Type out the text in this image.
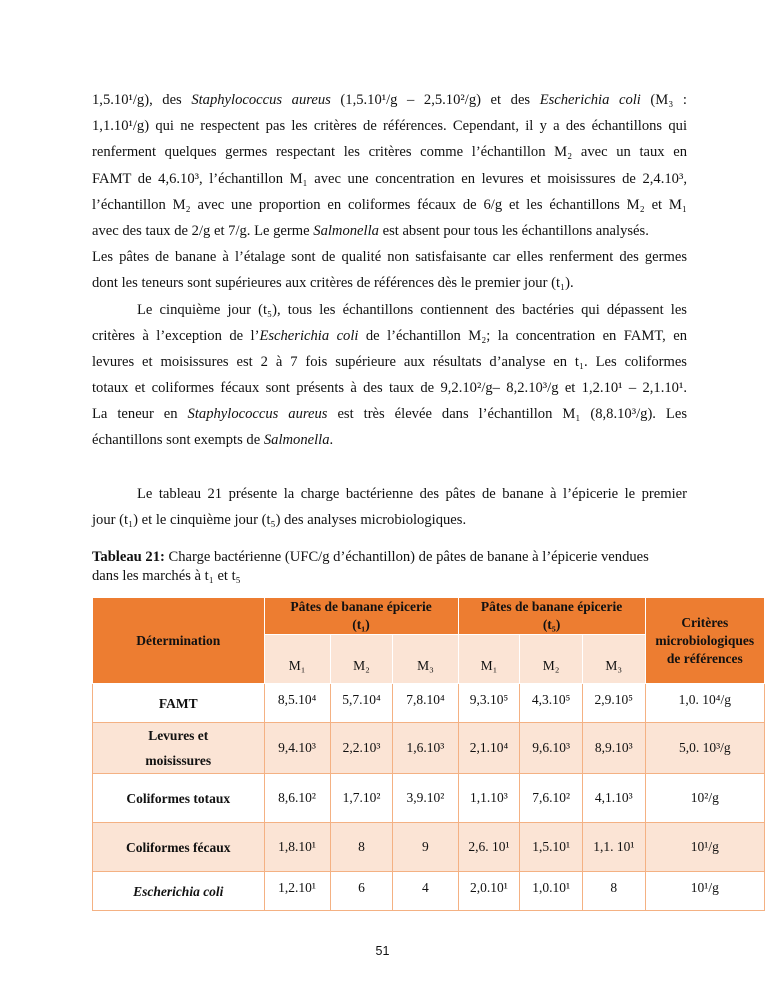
1,5.10¹/g), des Staphylococcus aureus (1,5.10¹/g – 2,5.10²/g) et des Escherichia coli (M₃ :
1,1.10¹/g) qui ne respectent pas les critères de références. Cependant, il y a des échantillons qui
renferment quelques germes respectant les critères comme l’échantillon M₂ avec un taux en
FAMT de 4,6.10³, l’échantillon M₁ avec une concentration en levures et moisissures de 2,4.10³,
l’échantillon M₂ avec une proportion en coliformes fécaux de 6/g et les échantillons M₂ et M₁
avec des taux de 2/g et 7/g. Le germe Salmonella est absent pour tous les échantillons analysés.
Les pâtes de banane à l’étalage sont de qualité non satisfaisante car elles renferment des germes
dont les teneurs sont supérieures aux critères de références dès le premier jour (t₁).
Le cinquième jour (t₅), tous les échantillons contiennent des bactéries qui dépassent les
critères à l’exception de l’Escherichia coli de l’échantillon M₂; la concentration en FAMT, en
levures et moisissures est 2 à 7 fois supérieure aux résultats d’analyse en t₁. Les coliformes
totaux et coliformes fécaux sont présents à des taux de 9,2.10²/g– 8,2.10³/g et 1,2.10¹ – 2,1.10¹.
La teneur en Staphylococcus aureus est très élevée dans l’échantillon M₁ (8,8.10³/g). Les
échantillons sont exempts de Salmonella.
Le tableau 21 présente la charge bactérienne des pâtes de banane à l’épicerie le premier
jour (t₁) et le cinquième jour (t₅) des analyses microbiologiques.
Tableau 21: Charge bactérienne (UFC/g d’échantillon) de pâtes de banane à l’épicerie vendues
dans les marchés à t₁ et t₅
Détermination	Pâtes de banane épicerie
(t₁)			Pâtes de banane épicerie
(t₅)			Critères microbiologiques de références
	M₁	M₂	M₃	M₁	M₂	M₃	
FAMT	8,5.10⁴	5,7.10⁴	7,8.10⁴	9,3.10⁵	4,3.10⁵	2,9.10⁵	1,0. 10⁴/g
Levures et moisissures	9,4.10³	2,2.10³	1,6.10³	2,1.10⁴	9,6.10³	8,9.10³	5,0. 10³/g
Coliformes totaux	8,6.10²	1,7.10²	3,9.10²	1,1.10³	7,6.10²	4,1.10³	10²/g
Coliformes fécaux	1,8.10¹	8	9	2,6. 10¹	1,5.10¹	1,1. 10¹	10¹/g
Escherichia coli	1,2.10¹	6	4	2,0.10¹	1,0.10¹	8	10¹/g
51
